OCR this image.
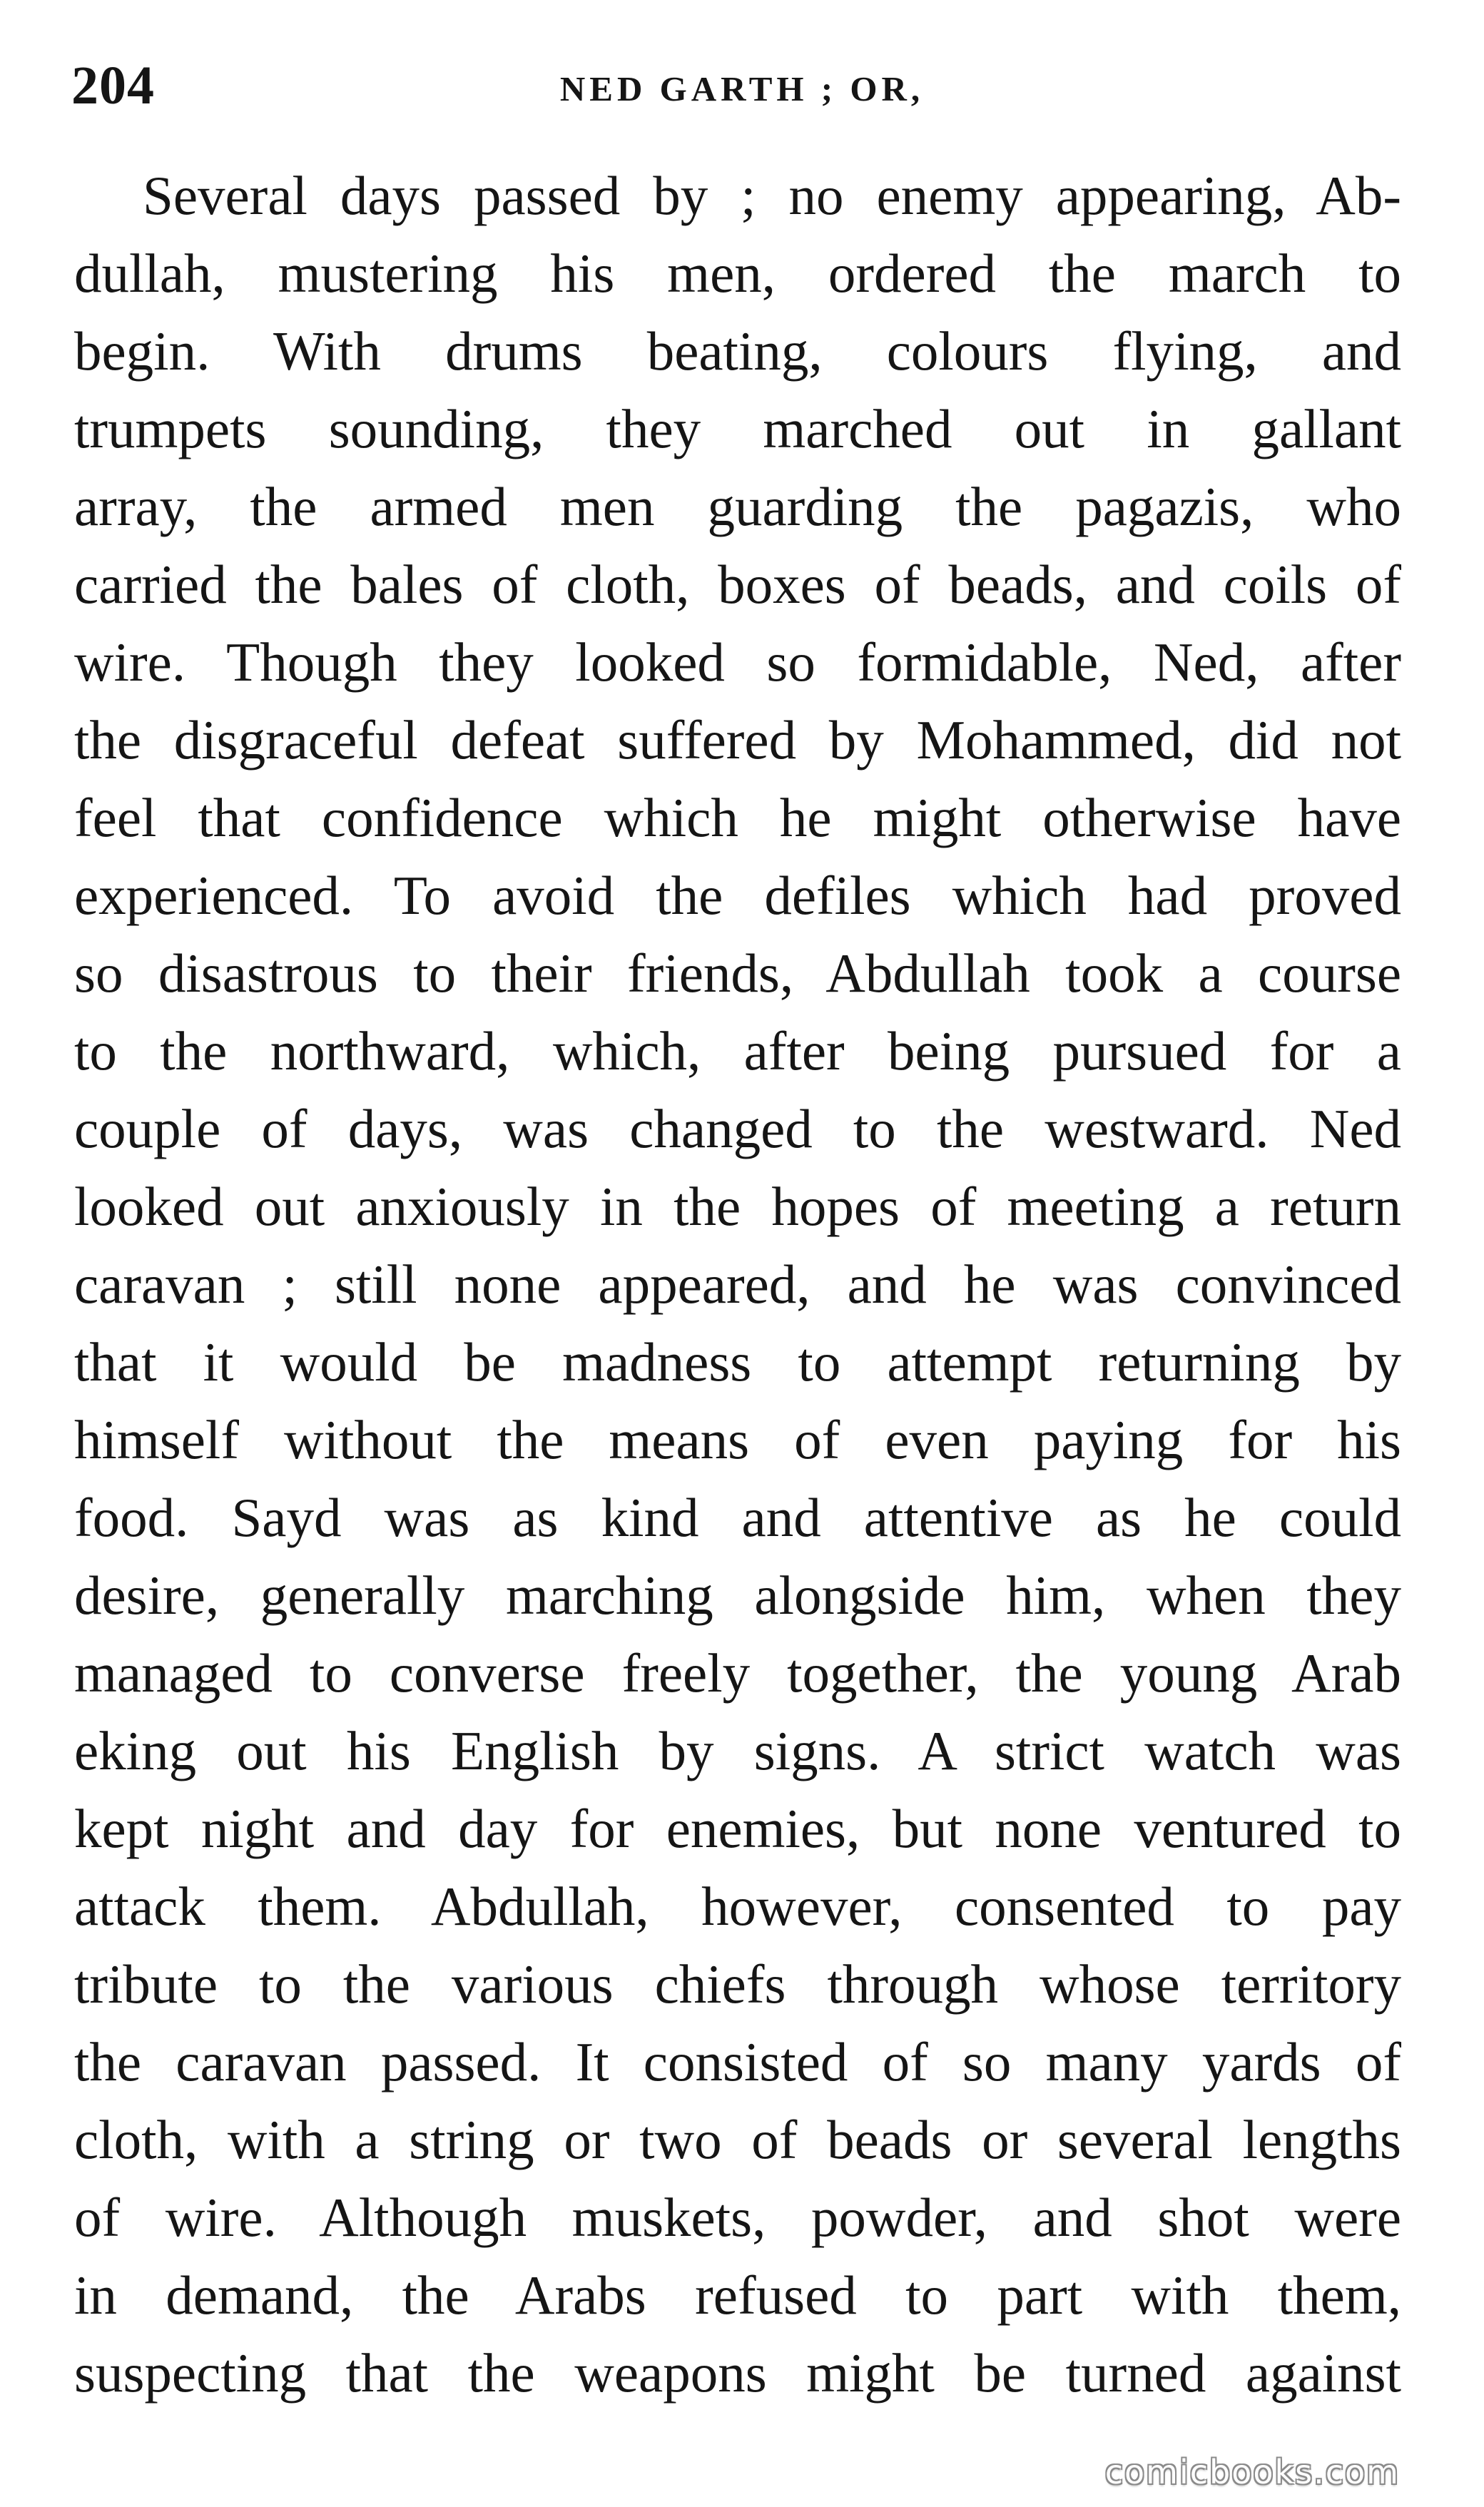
204	NED GARTH ; OR,
Several days passed by ; no enemy appearing, Ab-
dullah, mustering his men, ordered the march to
begin. With drums beating, colours flying, and
trumpets sounding, they marched out in gallant
array, the armed men guarding the pagazis, who
carried the bales of cloth, boxes of beads, and coils of
wire. Though they looked so formidable, Ned, after
the disgraceful defeat suffered by Mohammed, did not
feel that confidence which he might otherwise have
experienced. To avoid the defiles which had proved
so disastrous to their friends, Abdullah took a course
to the northward, which, after being pursued for a
couple of days, was changed to the westward. Ned
looked out anxiously in the hopes of meeting a return
caravan ; still none appeared, and he was convinced
that it would be madness to attempt returning by
himself without the means of even paying for his
food. Sayd was as kind and attentive as he could
desire, generally marching alongside him, when they
managed to converse freely together, the young Arab
eking out his English by signs. A strict watch was
kept night and day for enemies, but none ventured to
attack them. Abdullah, however, consented to pay
tribute to the various chiefs through whose territory
the caravan passed. It consisted of so many yards of
cloth, with a string or two of beads or several lengths
of wire. Although muskets, powder, and shot were
in demand, the Arabs refused to part with them,
suspecting that the weapons might be turned against
comicbooks.com
